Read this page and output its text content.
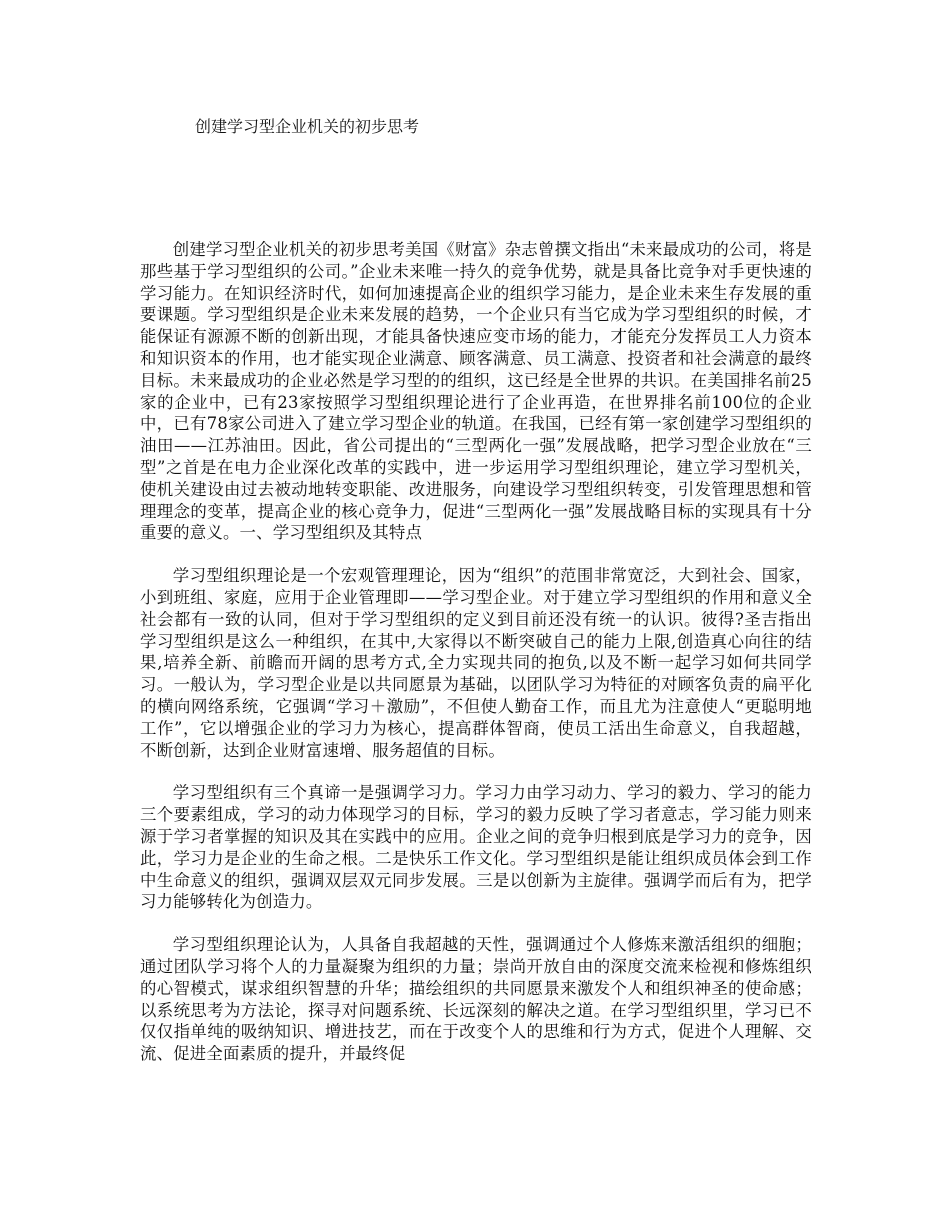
创建学习型企业机关的初步思考

创建学习型企业机关的初步思考美国《财富》杂志曾撰文指出“未来最成功的公司，将是那些基于学习型组织的公司。”企业未来唯一持久的竞争优势，就是具备比竞争对手更快速的学习能力。在知识经济时代，如何加速提高企业的组织学习能力，是企业未来生存发展的重要课题。学习型组织是企业未来发展的趋势，一个企业只有当它成为学习型组织的时候，才能保证有源源不断的创新出现，才能具备快速应变市场的能力，才能充分发挥员工人力资本和知识资本的作用，也才能实现企业满意、顾客满意、员工满意、投资者和社会满意的最终目标。未来最成功的企业必然是学习型的的组织，这已经是全世界的共识。在美国排名前25家的企业中，已有23家按照学习型组织理论进行了企业再造，在世界排名前100位的企业中，已有78家公司进入了建立学习型企业的轨道。在我国，已经有第一家创建学习型组织的油田——江苏油田。因此，省公司提出的“三型两化一强”发展战略，把学习型企业放在“三型”之首是在电力企业深化改革的实践中，进一步运用学习型组织理论，建立学习型机关，使机关建设由过去被动地转变职能、改进服务，向建设学习型组织转变，引发管理思想和管理理念的变革，提高企业的核心竞争力，促进“三型两化一强”发展战略目标的实现具有十分重要的意义。一、学习型组织及其特点

学习型组织理论是一个宏观管理理论，因为“组织”的范围非常宽泛，大到社会、国家，小到班组、家庭，应用于企业管理即——学习型企业。对于建立学习型组织的作用和意义全社会都有一致的认同，但对于学习型组织的定义到目前还没有统一的认识。彼得?圣吉指出学习型组织是这么一种组织，在其中,大家得以不断突破自己的能力上限,创造真心向往的结果,培养全新、前瞻而开阔的思考方式,全力实现共同的抱负,以及不断一起学习如何共同学习。一般认为，学习型企业是以共同愿景为基础，以团队学习为特征的对顾客负责的扁平化的横向网络系统，它强调“学习＋激励”，不但使人勤奋工作，而且尤为注意使人“更聪明地工作”，它以增强企业的学习力为核心，提高群体智商，使员工活出生命意义，自我超越，不断创新，达到企业财富速增、服务超值的目标。

学习型组织有三个真谛一是强调学习力。学习力由学习动力、学习的毅力、学习的能力三个要素组成，学习的动力体现学习的目标，学习的毅力反映了学习者意志，学习能力则来源于学习者掌握的知识及其在实践中的应用。企业之间的竞争归根到底是学习力的竞争，因此，学习力是企业的生命之根。二是快乐工作文化。学习型组织是能让组织成员体会到工作中生命意义的组织，强调双层双元同步发展。三是以创新为主旋律。强调学而后有为，把学习力能够转化为创造力。

学习型组织理论认为，人具备自我超越的天性，强调通过个人修炼来激活组织的细胞；通过团队学习将个人的力量凝聚为组织的力量；崇尚开放自由的深度交流来检视和修炼组织的心智模式，谋求组织智慧的升华；描绘组织的共同愿景来激发个人和组织神圣的使命感；以系统思考为方法论，探寻对问题系统、长远深刻的解决之道。在学习型组织里，学习已不仅仅指单纯的吸纳知识、增进技艺，而在于改变个人的思维和行为方式，促进个人理解、交流、促进全面素质的提升，并最终促
